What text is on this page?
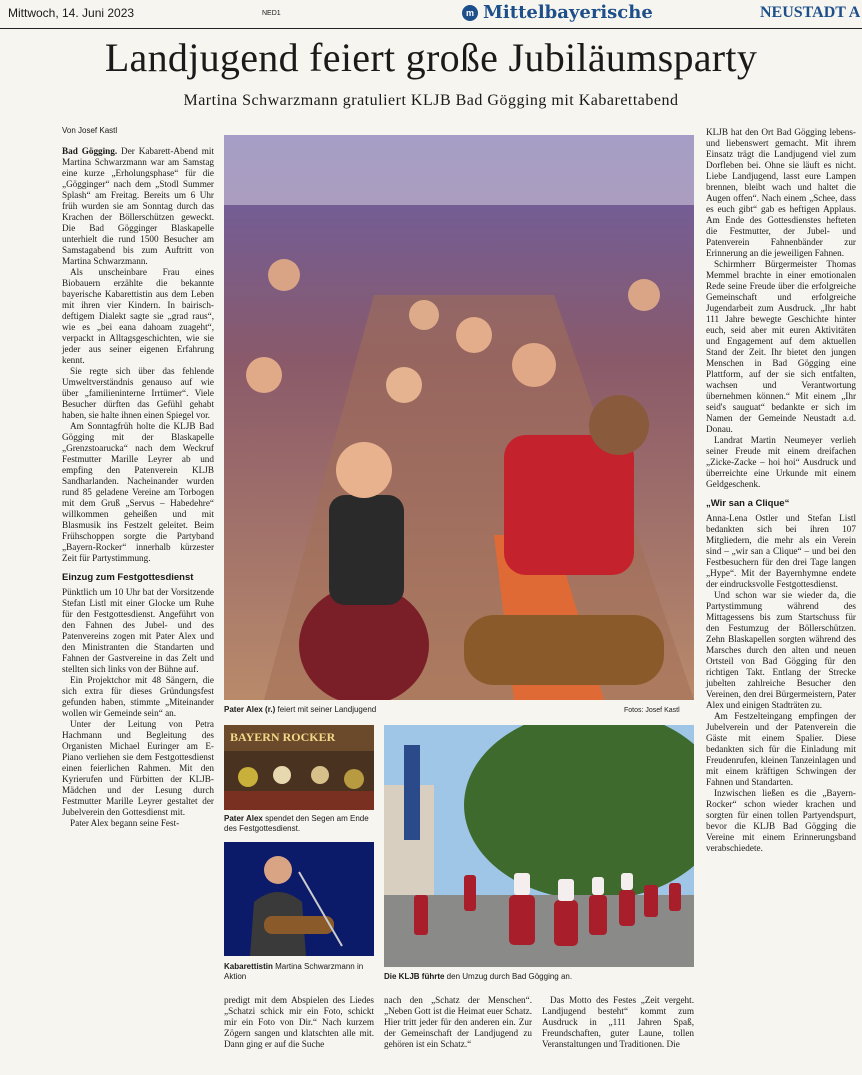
Mittwoch, 14. Juni 2023	NED1	m Mittelbayerische	NEUSTADT A
Landjugend feiert große Jubiläumsparty
Martina Schwarzmann gratuliert KLJB Bad Gögging mit Kabarettabend
Von Josef Kastl

Bad Gögging. Der Kabarett-Abend mit Martina Schwarzmann war am Samstag eine kurze „Erholungsphase“ für die „Gögginger“ nach dem „Stodl Summer Splash“ am Freitag. Bereits um 6 Uhr früh wurden sie am Sonntag durch das Krachen der Böllerschützen geweckt. Die Bad Gögginger Blaskapelle unterhielt die rund 1500 Besucher am Samstagabend bis zum Auftritt von Martina Schwarzmann.

Als unscheinbare Frau eines Biobauern erzählte die bekannte bayerische Kabarettistin aus dem Leben mit ihren vier Kindern. In bairisch-deftigem Dialekt sagte sie „grad raus“, wie es „bei eana dahoam zuageht“, verpackt in Alltagsgeschichten, wie sie jeder aus seiner eigenen Erfahrung kennt.

Sie regte sich über das fehlende Umweltverständnis genauso auf wie über „familieninterne Irrtümer“. Viele Besucher dürften das Gefühl gehabt haben, sie halte ihnen einen Spiegel vor.

Am Sonntagfrüh holte die KLJB Bad Gögging mit der Blaskapelle „Grenzstoarucka“ nach dem Weckruf Festmutter Marille Leyrer ab und empfing den Patenverein KLJB Sandharlanden. Nacheinander wurden rund 85 geladene Vereine am Torbogen mit dem Gruß „Servus – Habedehre“ willkommen geheißen und mit Blasmusik ins Festzelt geleitet. Beim Frühschoppen sorgte die Partyband „Bayern-Rocker“ innerhalb kürzester Zeit für Partystimmung.

Einzug zum Festgottesdienst

Pünktlich um 10 Uhr bat der Vorsitzende Stefan Listl mit einer Glocke um Ruhe für den Festgottesdienst. Angeführt von den Fahnen des Jubel- und des Patenvereins zogen mit Pater Alex und den Ministranten die Standarten und Fahnen der Gastvereine in das Zelt und stellten sich links von der Bühne auf.

Ein Projektchor mit 48 Sängern, die sich extra für dieses Gründungsfest gefunden haben, stimmte „Miteinander wollen wir Gemeinde sein“ an.

Unter der Leitung von Petra Hachmann und Begleitung des Organisten Michael Euringer am E-Piano verliehen sie dem Festgottesdienst einen feierlichen Rahmen. Mit den Kyrierufen und Fürbitten der KLJB-Mädchen und der Lesung durch Festmutter Marille Leyrer gestaltet der Jubelverein den Gottesdienst mit.

Pater Alex begann seine Fest-

Pater Alex (r.) feiert mit seiner Landjugend	Fotos: Josef Kastl
BAYERN ROCKER
Pater Alex spendet den Segen am Ende des Festgottesdienst.
Kabarettistin Martina Schwarzmann in Aktion	Die KLJB führte den Umzug durch Bad Gögging an.

predigt mit dem Abspielen des Liedes „Schatzi schick mir ein Foto, schickt mir ein Foto von Dir.“ Nach kurzem Zögern sangen und klatschten alle mit. Dann ging er auf die Suche

nach den „Schatz der Menschen“. „Neben Gott ist die Heimat euer Schatz. Hier tritt jeder für den anderen ein. Zur der Gemeinschaft der Landjugend zu gehören ist ein Schatz.“

Das Motto des Festes „Zeit vergeht. Landjugend besteht“ kommt zum Ausdruck in „111 Jahren Spaß, Freundschaften, guter Laune, tollen Veranstaltungen und Traditionen. Die

KLJB hat den Ort Bad Gögging lebens- und liebenswert gemacht. Mit ihrem Einsatz trägt die Landjugend viel zum Dorfleben bei. Ohne sie läuft es nicht. Liebe Landjugend, lasst eure Lampen brennen, bleibt wach und haltet die Augen offen“. Nach einem „Schee, dass es euch gibt“ gab es heftigen Applaus. Am Ende des Gottesdienstes hefteten die Festmutter, der Jubel- und Patenverein Fahnenbänder zur Erinnerung an die jeweiligen Fahnen.

Schirmherr Bürgermeister Thomas Memmel brachte in einer emotionalen Rede seine Freude über die erfolgreiche Gemeinschaft und erfolgreiche Jugendarbeit zum Ausdruck. „Ihr habt 111 Jahre bewegte Geschichte hinter euch, seid aber mit euren Aktivitäten und Engagement auf dem aktuellen Stand der Zeit. Ihr bietet den jungen Menschen in Bad Gögging eine Plattform, auf der sie sich entfalten, wachsen und Verantwortung übernehmen können.“ Mit einem „Ihr seid's sauguat“ bedankte er sich im Namen der Gemeinde Neustadt a.d. Donau.

Landrat Martin Neumeyer verlieh seiner Freude mit einem dreifachen „Zicke-Zacke – hoi hoi“ Ausdruck und überreichte eine Urkunde mit einem Geldgeschenk.

„Wir san a Clique“

Anna-Lena Ostler und Stefan Listl bedankten sich bei ihren 107 Mitgliedern, die mehr als ein Verein sind – „wir san a Clique“ – und bei den Festbesuchern für den drei Tage langen „Hype“. Mit der Bayernhymne endete der eindrucksvolle Festgottesdienst.

Und schon war sie wieder da, die Partystimmung während des Mittagessens bis zum Startschuss für den Festumzug der Böllerschützen. Zehn Blaskapellen sorgten während des Marsches durch den alten und neuen Ortsteil von Bad Gögging für den richtigen Takt. Entlang der Strecke jubelten zahlreiche Besucher den Vereinen, den drei Bürgermeistern, Pater Alex und einigen Stadträten zu.

Am Festzelteingang empfingen der Jubelverein und der Patenverein die Gäste mit einem Spalier. Diese bedankten sich für die Einladung mit Freudenrufen, kleinen Tanzeinlagen und mit einem kräftigen Schwingen der Fahnen und Standarten.

Inzwischen ließen es die „Bayern-Rocker“ schon wieder krachen und sorgten für einen tollen Partyendspurt, bevor die KLJB Bad Gögging die Vereine mit einem Erinnerungsband verabschiedete.
